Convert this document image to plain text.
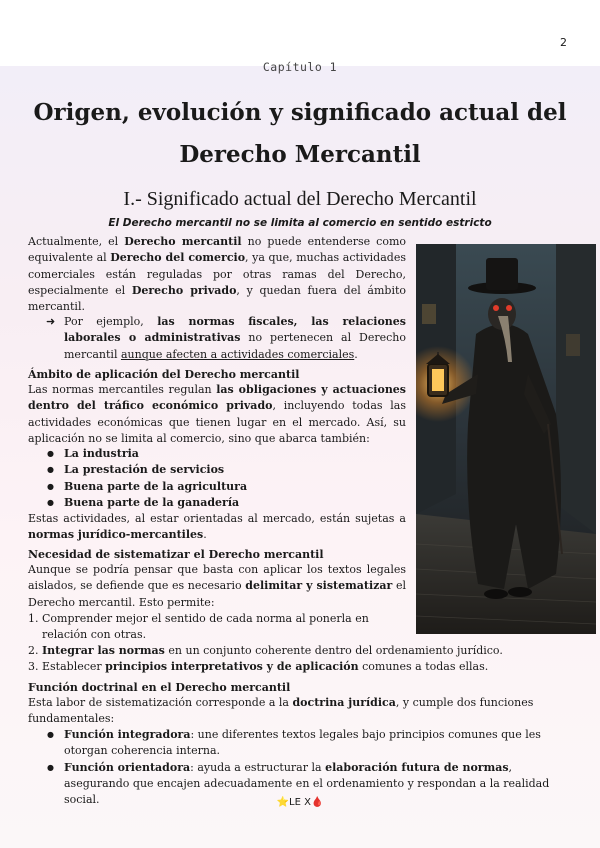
2
Capítulo 1
Origen, evolución y significado actual del
Derecho Mercantil
I.- Significado actual del Derecho Mercantil
El Derecho mercantil no se limita al comercio en sentido estricto
Actualmente, el Derecho mercantil no puede entenderse como equivalente al Derecho del comercio, ya que, muchas actividades comerciales están reguladas por otras ramas del Derecho, especialmente el Derecho privado, y quedan fuera del ámbito mercantil.
➜ Por ejemplo, las normas fiscales, las relaciones laborales o administrativas no pertenecen al Derecho mercantil aunque afecten a actividades comerciales.
Ámbito de aplicación del Derecho mercantil
Las normas mercantiles regulan las obligaciones y actuaciones dentro del tráfico económico privado, incluyendo todas las actividades económicas que tienen lugar en el mercado. Así, su aplicación no se limita al comercio, sino que abarca también:
● La industria
● La prestación de servicios
● Buena parte de la agricultura
● Buena parte de la ganadería
Estas actividades, al estar orientadas al mercado, están sujetas a normas jurídico-mercantiles.
Necesidad de sistematizar el Derecho mercantil
Aunque se podría pensar que basta con aplicar los textos legales aislados, se defiende que es necesario delimitar y sistematizar el Derecho mercantil. Esto permite:
1. Comprender mejor el sentido de cada norma al ponerla en relación con otras.
2. Integrar las normas en un conjunto coherente dentro del ordenamiento jurídico.
3. Establecer principios interpretativos y de aplicación comunes a todas ellas.
Función doctrinal en el Derecho mercantil
Esta labor de sistematización corresponde a la doctrina jurídica, y cumple dos funciones fundamentales:
● Función integradora: une diferentes textos legales bajo principios comunes que les otorgan coherencia interna.
● Función orientadora: ayuda a estructurar la elaboración futura de normas, asegurando que encajen adecuadamente en el ordenamiento y respondan a la realidad social.	⭐LE X🩸
